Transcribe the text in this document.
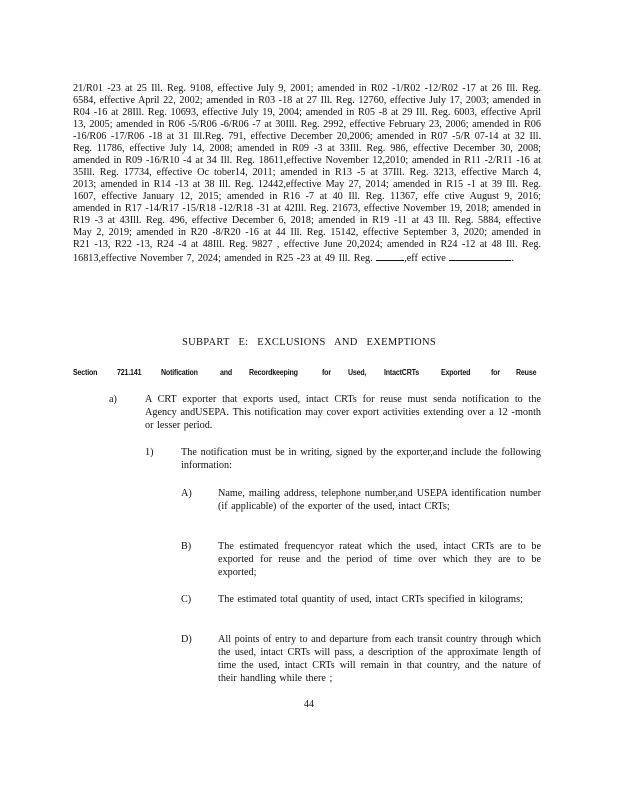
21/R01 -23 at 25 Ill. Reg. 9108, effective July 9, 2001; amended in R02 -1/R02 -12/R02 -17 at 26 Ill. Reg. 6584, effective April 22, 2002; amended in R03 -18 at 27 Ill. Reg. 12760, effective July 17, 2003; amended in R04 -16 at 28Ill. Reg. 10693, effective July 19, 2004; amended in R05 -8 at 29 Ill. Reg. 6003, effective April 13, 2005; amended in R06 -5/R06 -6/R06 -7 at 30Ill. Reg. 2992, effective February 23, 2006; amended in R06 -16/R06 -17/R06 -18 at 31 Ill.Reg. 791, effective December 20,2006; amended in R07 -5/R 07-14 at 32 Ill. Reg. 11786, effective July 14, 2008; amended in R09 -3 at 33Ill. Reg. 986, effective December 30, 2008; amended in R09 -16/R10 -4 at 34 Ill. Reg. 18611,effective November 12,2010; amended in R11 -2/R11 -16 at 35Ill. Reg. 17734, effective Oc tober14, 2011; amended in R13 -5 at 37Ill. Reg. 3213, effective March 4, 2013; amended in R14 -13 at 38 Ill. Reg. 12442,effective May 27, 2014; amended in R15 -1 at 39 Ill. Reg. 1607, effective January 12, 2015; amended in R16 -7 at 40 Ill. Reg. 11367, effe ctive August 9, 2016; amended in R17 -14/R17 -15/R18 -12/R18 -31 at 42Ill. Reg. 21673, effective November 19, 2018; amended in R19 -3 at 43Ill. Reg. 496, effective December 6, 2018; amended in R19 -11 at 43 Ill. Reg. 5884, effective May 2, 2019; amended in R20 -8/R20 -16 at 44 Ill. Reg. 15142, effective September 3, 2020; amended in R21 -13, R22 -13, R24 -4 at 48Ill. Reg. 9827 , effective June 20,2024; amended in R24 -12 at 48 Ill. Reg. 16813,effective November 7, 2024; amended in R25 -23 at 49 Ill. Reg.	,eff ective	.
SUBPART E: EXCLUSIONS AND EXEMPTIONS
Section 721.141 Notification	and Recordkeeping	for Used, IntactCRTs	Exported for Reuse
a)	A CRT exporter that exports used, intact CRTs for reuse must senda notification to the Agency andUSEPA. This notification may cover export activities extending over a 12 -month or lesser period.
1)	The notification must be in writing, signed by the exporter,and include the following information:
A)	Name, mailing address, telephone number,and USEPA identification number (if applicable) of the exporter of the used, intact CRTs;
B)	The estimated frequencyor rateat which the used, intact CRTs are to be exported for reuse and the period of time over which they are to be exported;
C)	The estimated total quantity of used, intact CRTs specified in kilograms;
D)	All points of entry to and departure from each transit country through which the used, intact CRTs will pass, a description of the approximate length of time the used, intact CRTs will remain in that country, and the nature of their handling while there ;
44
